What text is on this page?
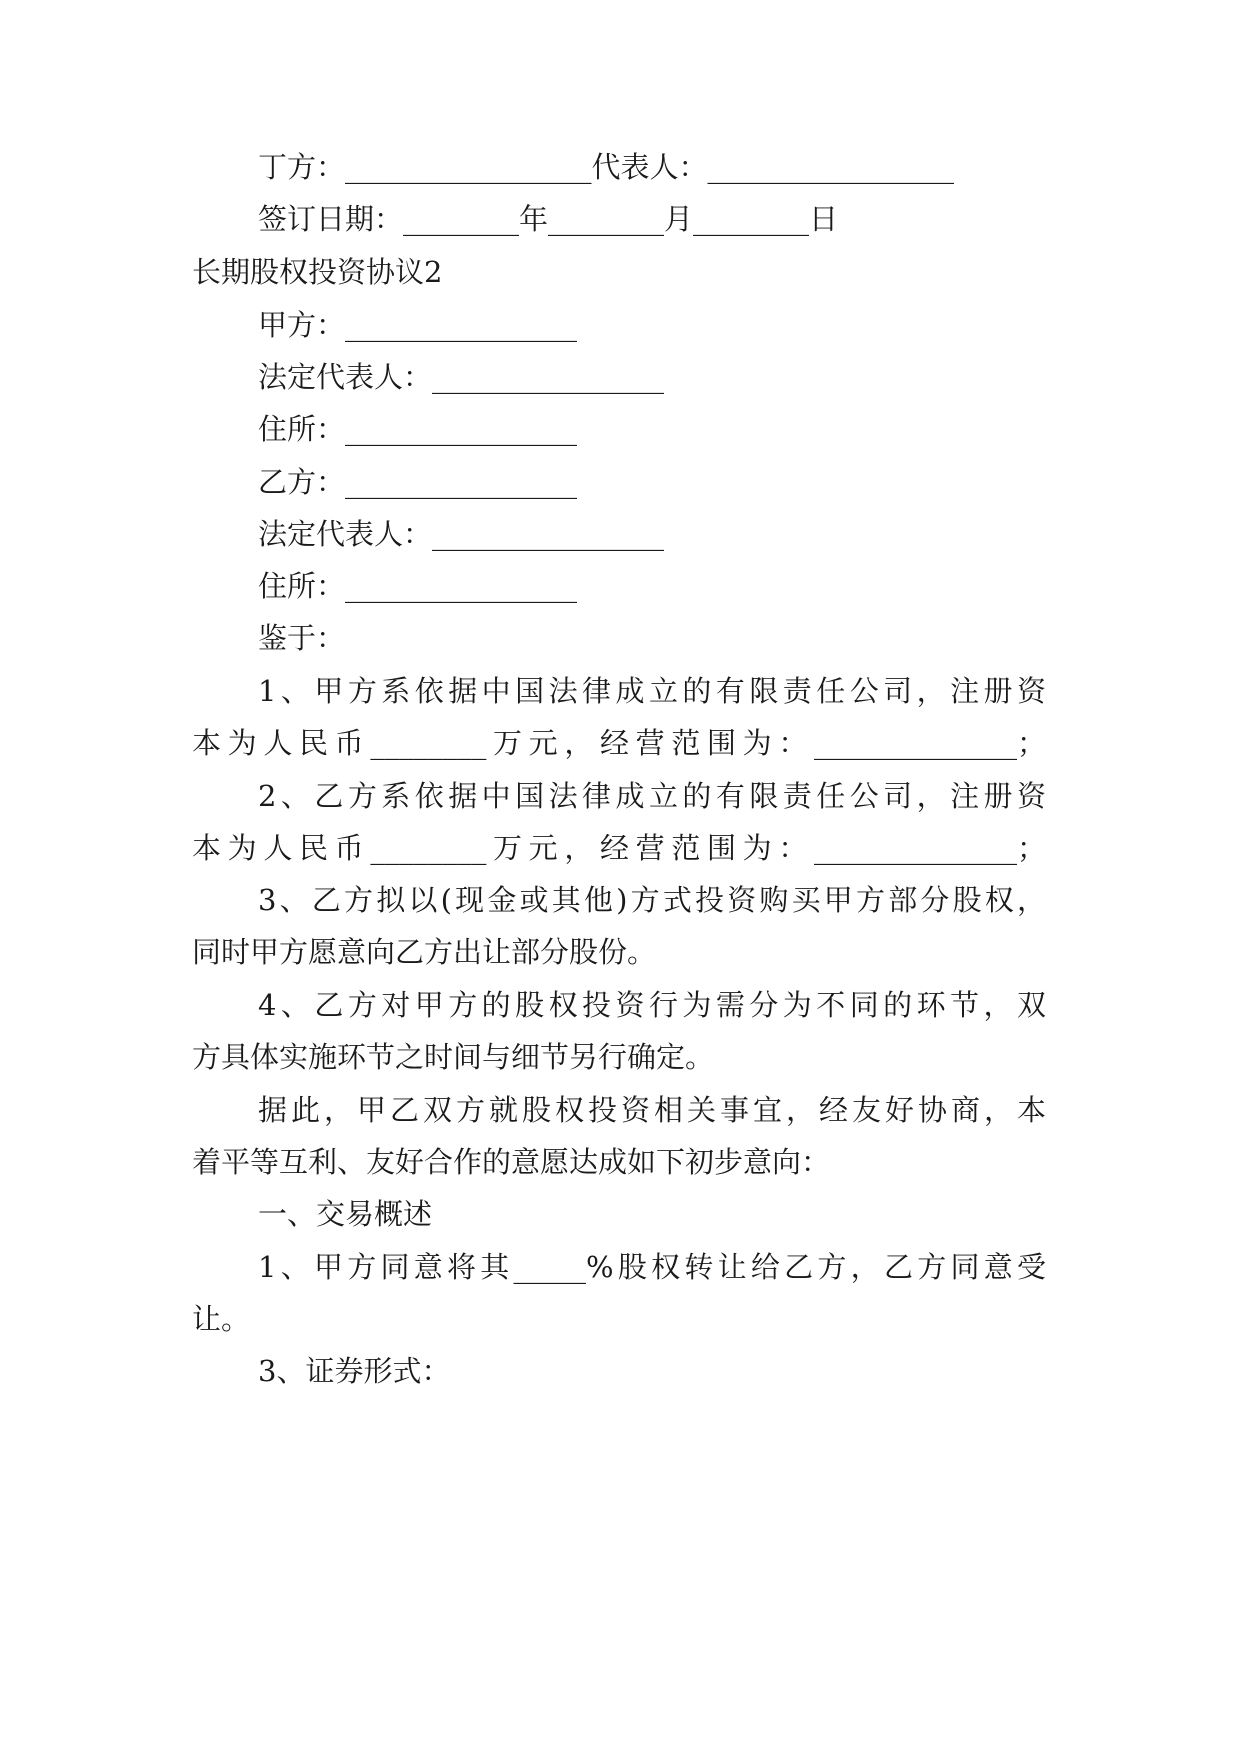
丁方：_________________代表人：_________________
签订日期：________年________月________日
长期股权投资协议2
甲方：________________
法定代表人：________________
住所：________________
乙方：________________
法定代表人：________________
住所：________________
鉴于：
1、甲方系依据中国法律成立的有限责任公司，注册资
本为人民币________万元，经营范围为：______________；
2、乙方系依据中国法律成立的有限责任公司，注册资
本为人民币________万元，经营范围为：______________；
3、乙方拟以(现金或其他)方式投资购买甲方部分股权，
同时甲方愿意向乙方出让部分股份。
4、乙方对甲方的股权投资行为需分为不同的环节，双
方具体实施环节之时间与细节另行确定。
据此，甲乙双方就股权投资相关事宜，经友好协商，本
着平等互利、友好合作的意愿达成如下初步意向：
一、交易概述
1、甲方同意将其_____%股权转让给乙方，乙方同意受
让。
3、证券形式：
